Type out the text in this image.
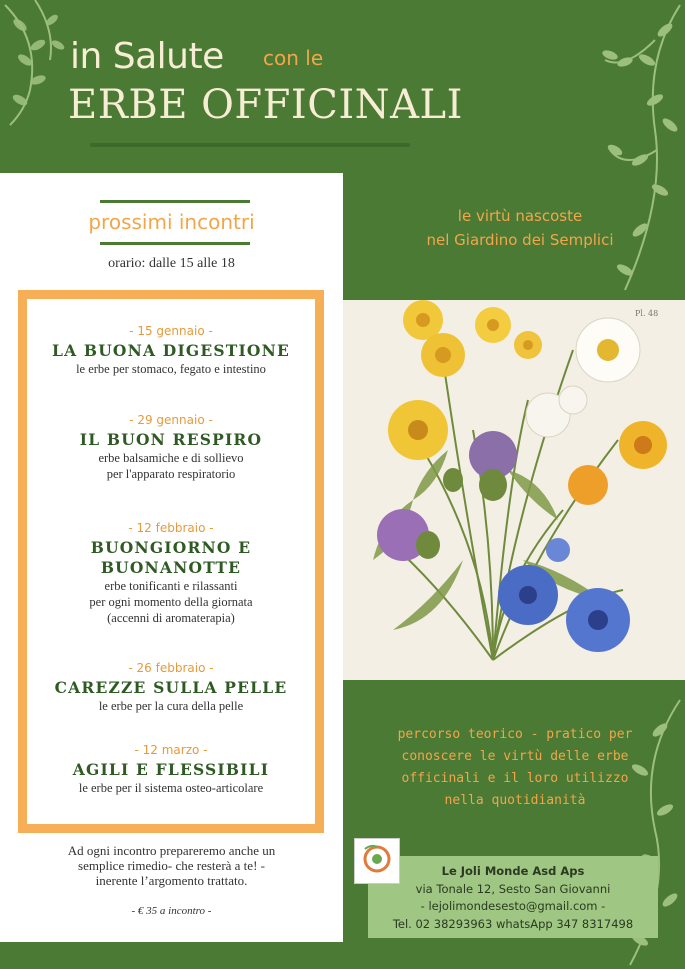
in Salute con le
ERBE OFFICINALI
prossimi incontri
orario: dalle 15 alle 18
- 15 gennaio -
LA BUONA DIGESTIONE
le erbe per stomaco, fegato e intestino
- 29 gennaio -
IL BUON RESPIRO
erbe balsamiche e di sollievo
per l'apparato respiratorio
- 12 febbraio -
BUONGIORNO E
BUONANOTTE
erbe tonificanti e rilassanti
per ogni momento della giornata
(accenni di aromaterapia)
- 26 febbraio -
CAREZZE SULLA PELLE
le erbe per la cura della pelle
- 12 marzo -
AGILI E FLESSIBILI
le erbe per il sistema osteo-articolare
Ad ogni incontro prepareremo anche un
semplice rimedio- che resterà a te! -
inerente l’argomento trattato.
- € 35 a incontro -
le virtù nascoste
nel Giardino dei Semplici
Pl. 48
percorso teorico - pratico per
conoscere le virtù delle erbe
officinali e il loro utilizzo
nella quotidianità
Le Joli Monde Asd Aps
via Tonale 12, Sesto San Giovanni
- lejolimondesesto@gmail.com -
Tel. 02 38293963 whatsApp 347 8317498
